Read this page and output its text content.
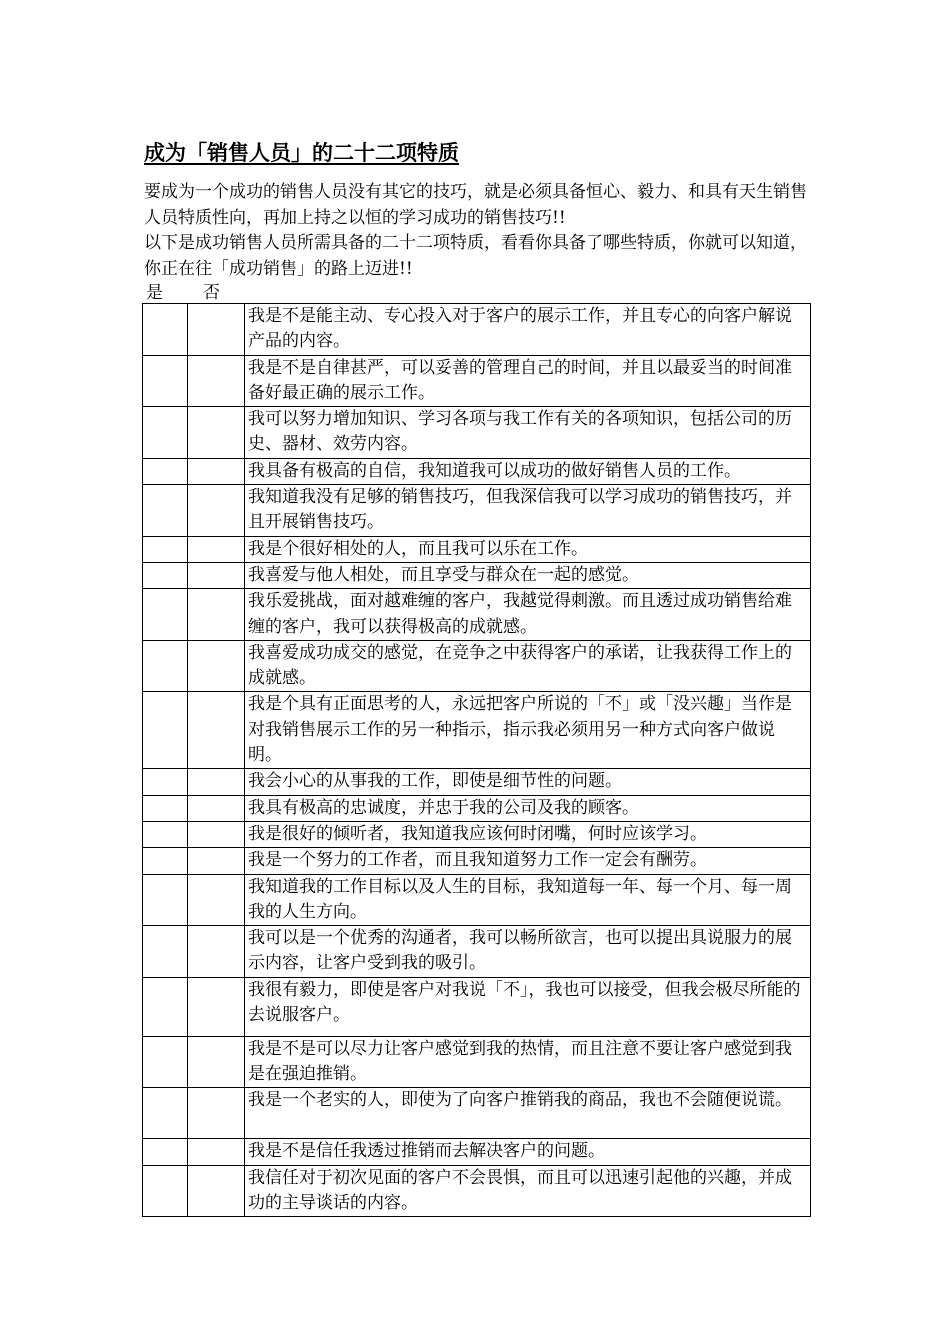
成为「销售人员」的二十二项特质

要成为一个成功的销售人员没有其它的技巧，就是必须具备恒心、毅力、和具有天生销售人员特质性向，再加上持之以恒的学习成功的销售技巧!!

以下是成功销售人员所需具备的二十二项特质，看看你具备了哪些特质，你就可以知道，你正在往「成功销售」的路上迈进!!

是 否
		我是不是能主动、专心投入对于客户的展示工作，并且专心的向客户解说产品的内容。
		我是不是自律甚严，可以妥善的管理自己的时间，并且以最妥当的时间准备好最正确的展示工作。
		我可以努力增加知识、学习各项与我工作有关的各项知识，包括公司的历史、器材、效劳内容。
		我具备有极高的自信，我知道我可以成功的做好销售人员的工作。
		我知道我没有足够的销售技巧，但我深信我可以学习成功的销售技巧，并且开展销售技巧。
		我是个很好相处的人，而且我可以乐在工作。
		我喜爱与他人相处，而且享受与群众在一起的感觉。
		我乐爱挑战，面对越难缠的客户，我越觉得刺激。而且透过成功销售给难缠的客户，我可以获得极高的成就感。
		我喜爱成功成交的感觉，在竞争之中获得客户的承诺，让我获得工作上的成就感。
		我是个具有正面思考的人，永远把客户所说的「不」或「没兴趣」当作是对我销售展示工作的另一种指示，指示我必须用另一种方式向客户做说明。
		我会小心的从事我的工作，即使是细节性的问题。
		我具有极高的忠诚度，并忠于我的公司及我的顾客。
		我是很好的倾听者，我知道我应该何时闭嘴，何时应该学习。
		我是一个努力的工作者，而且我知道努力工作一定会有酬劳。
		我知道我的工作目标以及人生的目标，我知道每一年、每一个月、每一周我的人生方向。
		我可以是一个优秀的沟通者，我可以畅所欲言，也可以提出具说服力的展示内容，让客户受到我的吸引。
		我很有毅力，即使是客户对我说「不」，我也可以接受，但我会极尽所能的去说服客户。
		我是不是可以尽力让客户感觉到我的热情，而且注意不要让客户感觉到我是在强迫推销。
		我是一个老实的人，即使为了向客户推销我的商品，我也不会随便说谎。
		我是不是信任我透过推销而去解决客户的问题。
		我信任对于初次见面的客户不会畏惧，而且可以迅速引起他的兴趣，并成功的主导谈话的内容。
